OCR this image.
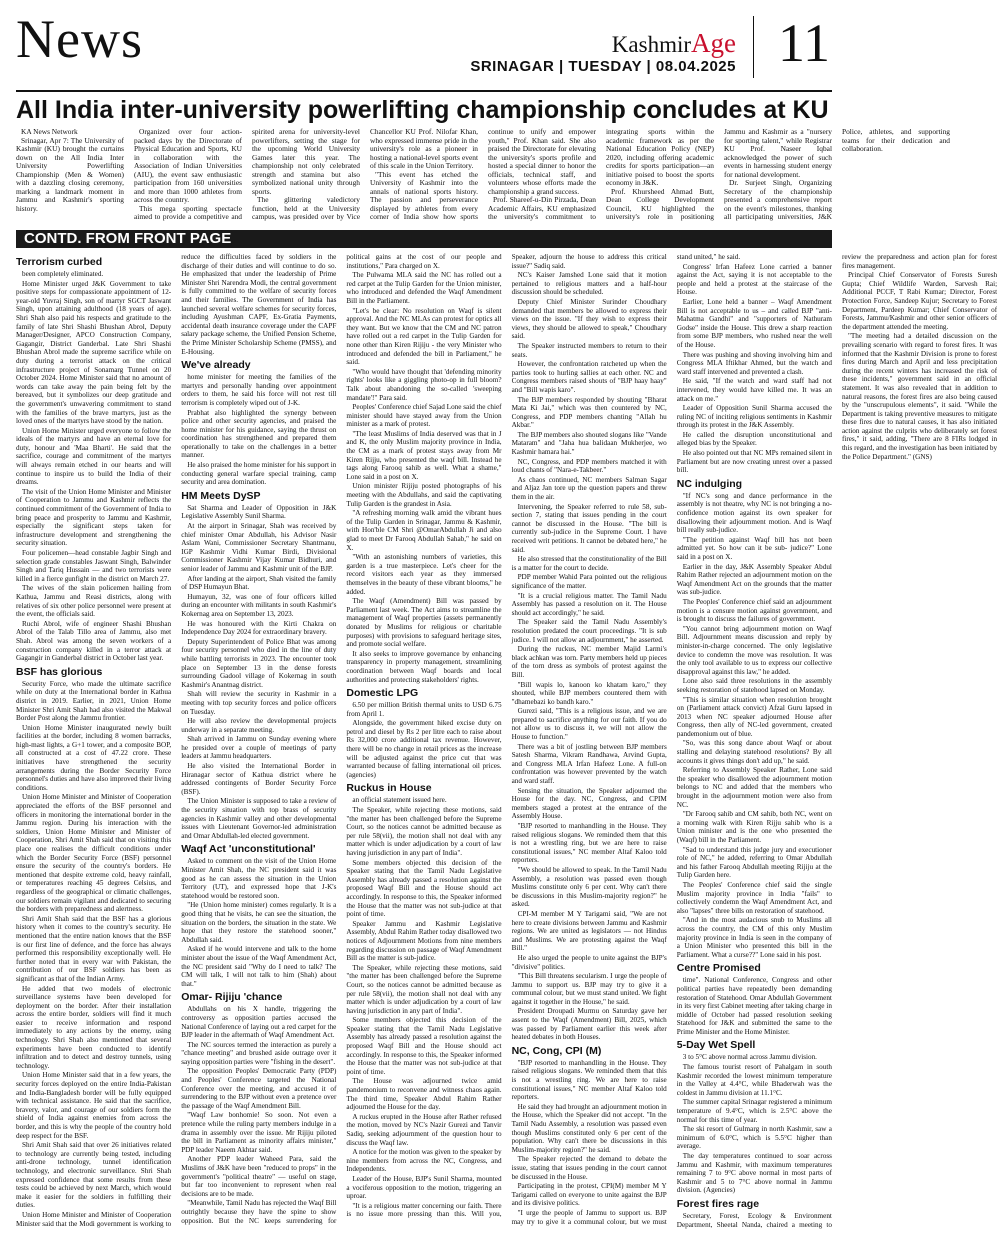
News	KashmirAge
SRINAGAR | TUESDAY | 08.04.2025 11
All India inter-university powerlifting championship concludes at KU

KA News Network

Srinagar, Apr 7: The University of Kashmir (KU) brought the curtains down on the All India Inter University Powerlifting Championship (Men & Women) with a dazzling closing ceremony, marking a landmark moment in Jammu and Kashmir's sporting history.

Organized over four action-packed days by the Directorate of Physical Education and Sports, KU in collaboration with the Association of Indian Universities (AIU), the event saw enthusiastic participation from 160 universities and more than 1000 athletes from across the country.

This mega sporting spectacle aimed to provide a competitive and spirited arena for university-level powerlifters, setting the stage for the upcoming World University Games later this year. The championship not only celebrated strength and stamina but also symbolized national unity through sports.

The glittering valedictory function, held at the University campus, was presided over by Vice Chancellor KU Prof. Nilofar Khan, who expressed immense pride in the university's role as a pioneer in hosting a national-level sports event of this scale in the Union Territory.

"This event has etched the University of Kashmir into the annals of national sports history. The passion and perseverance displayed by athletes from every corner of India show how sports continue to unify and empower youth," Prof. Khan said. She also praised the Directorate for elevating the university's sports profile and hosted a special dinner to honor the officials, technical staff, and volunteers whose efforts made the championship a grand success.

Prof. Shareef-u-Din Pirzada, Dean Academic Affairs, KU emphasized the university's commitment to integrating sports within the academic framework as per the National Education Policy (NEP) 2020, including offering academic credits for sports participation—an initiative poised to boost the sports economy in J&K.

Prof. Khursheed Ahmad Butt, Dean College Development Council, KU highlighted the university's role in positioning Jammu and Kashmir as a "nursery for sporting talent," while Registrar KU Prof. Naseer Iqbal acknowledged the power of such events in harnessing student energy for national development.

Dr. Surjeet Singh, Organizing Secretary of the championship presented a comprehensive report on the event's milestones, thanking all participating universities, J&K Police, athletes, and supporting teams for their dedication and collaboration.

CONTD. FROM FRONT PAGE
Terrorism curbed

been completely eliminated.

Home Minister urged J&K Government to take positive steps for compassionate appointment of 12-year-old Yuvraj Singh, son of martyr SGCT Jaswant Singh, upon attaining adulthood (18 years of age). Shri Shah also paid his respects and gratitude to the family of late Shri Shashi Bhushan Abrol, Deputy Manager/Designer, APCO Construction Company, Gagangir, District Ganderbal. Late Shri Shashi Bhushan Abrol made the supreme sacrifice while on duty during a terrorist attack on the critical infrastructure project of Sonamarg Tunnel on 20 October 2024. Home Minister said that no amount of words can take away the pain being felt by the bereaved, but it symbolizes our deep gratitude and the government's unwavering commitment to stand with the families of the brave martyrs, just as the loved ones of the martyrs have stood by the nation.

Union Home Minister urged everyone to follow the ideals of the martyrs and have an eternal love for duty, honour and 'Maa Bharti'. He said that the sacrifice, courage and commitment of the martyrs will always remain etched in our hearts and will continue to inspire us to build the India of their dreams.

The visit of the Union Home Minister and Minister of Cooperation to Jammu and Kashmir reflects the continued commitment of the Government of India to bring peace and prosperity to Jammu and Kashmir, especially the significant steps taken for infrastructure development and strengthening the security situation.

Four policemen—head constable Jagbir Singh and selection grade constables Jaswant Singh, Balwinder Singh and Tariq Hussain — and two terrorists were killed in a fierce gunfight in the district on March 27.

The wives of the slain policemen hailing from Kathua, Jammu and Reasi districts, along with relatives of six other police personnel were present at the event, the officials said.

Ruchi Abrol, wife of engineer Shashi Bhushan Abrol of the Talab Tillo area of Jammu, also met Shah. Abrol was among the seven workers of a construction company killed in a terror attack at Gagangir in Ganderbal district in October last year.

BSF has glorious

Security Force, who made the ultimate sacrifice while on duty at the International border in Kathua district in 2019. Earlier, in 2021, Union Home Minister Shri Amit Shah had also visited the Makwal Border Post along the Jammu frontier.

Union Home Minister inaugurated newly built facilities at the border, including 8 women barracks, high-mast lights, a G+1 tower, and a composite BOP, all constructed at a cost of 47.22 crore. These initiatives have strengthened the security arrangements during the Border Security Force personnel's duties and have also improved their living conditions.

Union Home Minister and Minister of Cooperation appreciated the efforts of the BSF personnel and officers in monitoring the international border in the Jammu region. During his interaction with the soldiers, Union Home Minister and Minister of Cooperation, Shri Amit Shah said that on visiting this place one realises the difficult conditions under which the Border Security Force (BSF) personnel ensure the security of the country's borders. He mentioned that despite extreme cold, heavy rainfall, or temperatures reaching 45 degrees Celsius, and regardless of the geographical or climatic challenges, our soldiers remain vigilant and dedicated to securing the borders with preparedness and alertness.

Shri Amit Shah said that the BSF has a glorious history when it comes to the country's security. He mentioned that the entire nation knows that the BSF is our first line of defence, and the force has always performed this responsibility exceptionally well. He further noted that in every war with Pakistan, the contribution of our BSF soldiers has been as significant as that of the Indian Army.

He added that two models of electronic surveillance systems have been developed for deployment on the border. After their installation across the entire border, soldiers will find it much easier to receive information and respond immediately to any actions by the enemy, using technology. Shri Shah also mentioned that several experiments have been conducted to identify infiltration and to detect and destroy tunnels, using technology.

Union Home Minister said that in a few years, the security forces deployed on the entire India-Pakistan and India-Bangladesh border will be fully equipped with technical assistance. He said that the sacrifice, bravery, valor, and courage of our soldiers form the shield of India against enemies from across the border, and this is why the people of the country hold deep respect for the BSF.

Shri Amit Shah said that over 26 initiatives related to technology are currently being tested, including anti-drone technology, tunnel identification technology, and electronic surveillance. Shri Shah expressed confidence that some results from these tests could be achieved by next March, which would make it easier for the soldiers in fulfilling their duties.

Union Home Minister and Minister of Cooperation Minister said that the Modi government is working to reduce the difficulties faced by soldiers in the discharge of their duties and will continue to do so. He emphasized that under the leadership of Prime Minister Shri Narendra Modi, the central government is fully committed to the welfare of security forces and their families. The Government of India has launched several welfare schemes for security forces, including Ayushman CAPF, Ex-Gratia Payments, accidental death insurance coverage under the CAPF salary package scheme, the Unified Pension Scheme, the Prime Minister Scholarship Scheme (PMSS), and E-Housing.

We've already

home minister for meeting the families of the martyrs and personally handing over appointment orders to them, he said his force will not rest till terrorism is completely wiped out of J-K.

Prabhat also highlighted the synergy between police and other security agencies, and praised the home minister for his guidance, saying the thrust on coordination has strengthened and prepared them operationally to take on the challenges in a better manner.

He also praised the home minister for his support in conducting general warfare special training, camp security and area domination.

HM Meets DySP

Sat Sharma and Leader of Opposition in J&K Legislative Assembly Sunil Sharma.

At the airport in Srinagar, Shah was received by chief minister Omar Abdullah, his Advisor Nasir Aslam Wani, Commissioner Secretary Shantmanu, IGP Kashmir Vidhi Kumar Birdi, Divisional Commissioner Kashmir Vijay Kumar Bidhuri, and senior leader of Jammu and Kashmir unit of the BJP.

After landing at the airport, Shah visited the family of DSP Humayun Bhat.

Humayun, 32, was one of four officers killed during an encounter with militants in south Kashmir's Kokernag area on September 13, 2023.

He was honoured with the Kirti Chakra on Independence Day 2024 for extraordinary bravery.

Deputy Superintendent of Police Bhat was among four security personnel who died in the line of duty while battling terrorists in 2023. The encounter took place on September 13 in the dense forests surrounding Gadool village of Kokernag in south Kashmir's Anantnag district.

Shah will review the security in Kashmir in a meeting with top security forces and police officers on Tuesday.

He will also review the developmental projects underway in a separate meeting.

Shah arrived in Jammu on Sunday evening where he presided over a couple of meetings of party leaders at Jammu headquarters.

He also visited the International Border in Hiranagar sector of Kathua district where he addressed contingents of Border Security Force (BSF).

The Union Minister is supposed to take a review of the security situation with top brass of security agencies in Kashmir valley and other developmental issues with Lieutenant Governor-led administration and Omar Abdullah-led elected government.

Waqf Act 'unconstitutional'

Asked to comment on the visit of the Union Home Minister Amit Shah, the NC president said it was good as he can assess the situation in the Union Territory (UT), and expressed hope that J-K's statehood would be restored soon.

"He (Union home minister) comes regularly. It is a good thing that he visits, he can see the situation, the situation on the borders, the situation in the state. We hope that they restore the statehood sooner," Abdullah said.

Asked if he would intervene and talk to the home minister about the issue of the Waqf Amendment Act, the NC president said "Why do I need to talk? The CM will talk, I will not talk to him (Shah) about that."

Omar- Rijiju 'chance

Abdullahs on his X handle, triggering the controversy as opposition parties accused the National Conference of laying out a red carpet for the BJP leader in the aftermath of Waqf Amendment Act.

The NC sources termed the interaction as purely a "chance meeting" and brushed aside outrage over it saying opposition parties were "fishing in the desert".

The opposition Peoples' Democratic Party (PDP) and Peoples' Conference targeted the National Conference over the meeting, and accused it of surrendering to the BJP without even a pretence over the passage of the Waqf Amendment Bill.

"Waqf Law bonhomie! So soon. Not even a pretence while the ruling party members indulge in a drama in assembly over the issue. Mr Rijiju piloted the bill in Parliament as minority affairs minister," PDP leader Naeem Akhtar said.

Another PDP leader Waheed Para, said the Muslims of J&K have been "reduced to props" in the government's "political theatre" — useful on stage, but far too inconvenient to represent when real decisions are to be made.

"Meanwhile, Tamil Nadu has rejected the Waqf Bill outrightly because they have the spine to show opposition. But the NC keeps surrendering for political gains at the cost of our people and institutions," Para charged on X.

The Pulwama MLA said the NC has rolled out a red carpet at the Tulip Garden for the Union minister, who introduced and defended the Waqf Amendment Bill in the Parliament.

"Let's be clear: No resolution on Waqf is silent approval. And the NC MLAs can protest for optics all they want. But we know that the CM and NC patron have rolled out a red carpet in the Tulip Garden for none other than Kiren Rijiju - the very Minister who introduced and defended the bill in Parliament," he said.

"Who would have thought that 'defending minority rights' looks like a giggling photo-op in full bloom? Talk about abandoning the so-called 'sweeping mandate'!" Para said.

Peoples' Conference chief Sajad Lone said the chief minister should have stayed away from the Union minister as a mark of protest.

"The least Muslims of India deserved was that in J and K, the only Muslim majority province in India, the CM as a mark of protest stays away from Mr Kiren Rijju, who presented the waqf bill. Instead he tags along Farooq sahib as well. What a shame," Lone said in a post on X.

Union minister Rijiju posted photographs of his meeting with the Abdullahs, and said the captivating Tulip Garden is the grandest in Asia.

"A refreshing morning walk amid the vibrant hues of the Tulip Garden in Srinagar, Jammu & Kashmir, with Hon'ble CM Shri @OmarAbdullah Ji and also glad to meet Dr Farooq Abdullah Sahab," he said on X.

"With an astonishing numbers of varieties, this garden is a true masterpiece. Let's cheer for the record visitors each year as they immersed themselves in the beauty of these vibrant blooms," he added.

The Waqf (Amendment) Bill was passed by Parliament last week. The Act aims to streamline the management of Waqf properties (assets permanently donated by Muslims for religious or charitable purposes) with provisions to safeguard heritage sites, and promote social welfare.

It also seeks to improve governance by enhancing transparency in property management, streamlining coordination between Waqf boards and local authorities and protecting stakeholders' rights.

Domestic LPG

6.50 per million British thermal units to USD 6.75 from April 1.

Alongside, the government hiked excise duty on petrol and diesel by Rs 2 per litre each to raise about Rs 32,000 crore additional tax revenue. However, there will be no change in retail prices as the increase will be adjusted against the price cut that was warranted because of falling international oil prices. (agencies)

Ruckus in House

an official statement issued here.

The Speaker, while rejecting these motions, said "the matter has been challenged before the Supreme Court, so the notices cannot be admitted because as per rule 58(vii), the motion shall not deal with any matter which is under adjudication by a court of law having jurisdiction in any part of India".

Some members objected this decision of the Speaker stating that the Tamil Nadu Legislative Assembly has already passed a resolution against the proposed Waqf Bill and the House should act accordingly. In response to this, the Speaker informed the House that the matter was not sub-judice at that point of time.

Speaker Jammu and Kashmir Legislative Assembly, Abdul Rahim Rather today disallowed two notices of Adjournment Motions from nine members regarding discussion on passage of Waqf Amendment Bill as the matter is sub-judice.

The Speaker, while rejecting these motions, said "the matter has been challenged before the Supreme Court, so the notices cannot be admitted because as per rule 58(vii), the motion shall not deal with any matter which is under adjudication by a court of law having jurisdiction in any part of India".

Some members objected this decision of the Speaker stating that the Tamil Nadu Legislative Assembly has already passed a resolution against the proposed Waqf Bill and the House should act accordingly. In response to this, the Speaker informed the House that the matter was not sub-judice at that point of time.

The House was adjourned twice amid pandemonium to reconvene and witness chaos again. The third time, Speaker Abdul Rahim Rather adjourned the House for the day.

A ruckus erupted in the House after Rather refused the motion, moved by NC's Nazir Gurezi and Tanvir Sadiq, seeking adjournment of the question hour to discuss the Waqf law.

A notice for the motion was given to the speaker by nine members from across the NC, Congress, and Independents.

Leader of the House, BJP's Sunil Sharma, mounted a vociferous opposition to the motion, triggering an uproar.

"It is a religious matter concerning our faith. There is no issue more pressing than this. Will you, Speaker, adjourn the house to address this critical issue?" Sadiq said.

NC's Kaiser Jamshed Lone said that it motion pertained to religious matters and a half-hour discussion should be scheduled.

Deputy Chief Minister Surinder Choudhary demanded that members be allowed to express their views on the issue. "If they wish to express their views, they should be allowed to speak," Choudhary said.

The Speaker instructed members to return to their seats.

However, the confrontation ratcheted up when the parties took to hurling sallies at each other. NC and Congress members raised shouts of "BJP haay haay" and "Bill wapis karo".

The BJP members responded by shouting "Bharat Mata Ki Jai," which was then countered by NC, Congress, and PDP members chanting "Allah hu Akbar."

The BJP members also shouted slogans like "Vande Mataram" and "Jaha hua balidaan Mukherjee, wo Kashmir hamara hai."

NC, Congress, and PDP members matched it with loud chants of "Nara-e-Takbeer."

As chaos continued, NC members Salman Sagar and Aljaz Jan tore up the question papers and threw them in the air.

Intervening, the Speaker referred to rule 58, sub-section 7, stating that issues pending in the court cannot be discussed in the House. "The bill is currently sub-judice in the Supreme Court. I have received writ petitions. It cannot be debated here," he said.

He also stressed that the constitutionality of the Bill is a matter for the court to decide.

PDP member Wahid Para pointed out the religious significance of the matter.

"It is a crucial religious matter. The Tamil Nadu Assembly has passed a resolution on it. The House should act accordingly," he said.

The Speaker said the Tamil Nadu Assembly's resolution predated the court proceedings. "It is sub judice. I will not allow an adjournment," he asserted.

During the ruckus, NC member Majid Larmi's black achkan was torn. Party members held up pieces of the torn dress as symbols of protest against the Bill.

"Bill wapis lo, kanoon ko khatam karo," they shouted, while BJP members countered them with "dhamebazi ko bandh karo."

Gurezi said, "This is a religious issue, and we are prepared to sacrifice anything for our faith. If you do not allow us to discuss it, we will not allow the House to function."

There was a bit of jostling between BJP members Satesh Sharma, Vikram Randhawa, Arvind Gupta, and Congress MLA Irfan Hafeez Lone. A full-on confrontation was however prevented by the watch and ward staff.

Sensing the situation, the Speaker adjourned the House for the day. NC, Congress, and CPIM members staged a protest at the entrance of the Assembly House.

"BJP resorted to manhandling in the House. They raised religious slogans. We reminded them that this is not a wrestling ring, but we are here to raise constitutional issues," NC member Altaf Kaloo told reporters.

"We should be allowed to speak. In the Tamil Nadu Assembly, a resolution was passed even though Muslims constitute only 6 per cent. Why can't there be discussions in this Muslim-majority region?" he asked.

CPI-M member M Y Tarigami said, "We are not here to create divisions between Jammu and Kashmir regions. We are united as legislators — not Hindus and Muslims. We are protesting against the Waqf Bill."

He also urged the people to unite against the BJP's "divisive" politics.

"This Bill threatens secularism. I urge the people of Jammu to support us. BJP may try to give it a communal colour, but we must stand united. We fight against it together in the House," he said.

President Droupadi Murmu on Saturday gave her assent to the Waqf (Amendment) Bill, 2025, which was passed by Parliament earlier this week after heated debates in both Houses.

NC, Cong, CPI (M)

"BJP resorted to manhandling in the House. They raised religious slogans. We reminded them that this is not a wrestling ring. We are here to raise constitutional issues," NC member Altaf Kaloo told reporters.

He said they had brought an adjournment motion in the House, which the Speaker did not accept. "In the Tamil Nadu Assembly, a resolution was passed even though Muslims constituted only 6 per cent of the population. Why can't there be discussions in this Muslim-majority region?" he said.

The Speaker rejected the demand to debate the issue, stating that issues pending in the court cannot be discussed in the House.

Participating in the protest, CPI(M) member M Y Tarigami called on everyone to unite against the BJP and its divisive politics.

"I urge the people of Jammu to support us. BJP may try to give it a communal colour, but we must stand united," he said.

Congress' Irfan Hafeez Lone carried a banner against the Act, saying it is not acceptable to the people and held a protest at the staircase of the House.

Earlier, Lone held a banner – Waqf Amendment Bill is not acceptable to us – and called BJP "anti-Mahatma Gandhi" and "supporters of Nathuram Godse" inside the House. This drew a sharp reaction from some BJP members, who rushed near the well of the House.

There was pushing and shoving involving him and Congress MLA Iftikhar Ahmed, but the watch and ward staff intervened and prevented a clash.

He said, "If the watch and ward staff had not intervened, they would have killed me. It was an attack on me."

Leader of Opposition Sunil Sharma accused the ruling NC of inciting religious sentiments in Kashmir through its protest in the J&K Assembly.

He called the disruption unconstitutional and alleged bias by the Speaker.

He also pointed out that NC MPs remained silent in Parliament but are now creating unrest over a passed bill.

NC indulging

"If NC's song and dance performance in the assembly is not theatre, why NC is not bringing a no-confidence motion against its own speaker for disallowing their adjournment motion. And is Waqf bill really sub-judice.

"The petition against Waqf bill has not been admitted yet. So how can it be sub- judice?" Lone said in a post on X.

Earlier in the day, J&K Assembly Speaker Abdul Rahim Rather rejected an adjournment motion on the Waqf Amendment Act on the grounds that the matter was sub-judice.

The Peoples' Conference chief said an adjournment motion is a censure motion against government, and is brought to discuss the failures of government.

"You cannot bring adjournment motion on Waqf Bill. Adjournment means discussion and reply by minister-in-charge concerned. The only legislative device to condemn the move was resolution. It was the only tool available to us to express our collective disapproval against this law," he added.

Lone also said three resolutions in the assembly seeking restoration of statehood lapsed on Monday.

"This is similar situation when resolution brought on (Parliament attack convict) Afzal Guru lapsed in 2013 when NC speaker adjourned House after Congress, then ally of NC-led government, created pandemonium out of blue.

"So, was this song dance about Waqf or about stalling and delaying statehood resolutions? By all accounts it gives things don't add up," he said.

Referring to Assembly Speaker Rather, Lone said the speaker who disallowed the adjournment motion belongs to NC and added that the members who brought in the adjournment motion were also from NC.

"Dr Farooq sahib and CM sahib, both NC, went on a morning walk with Kiren Rijju sahib who is a Union minister and is the one who presented the (Waqf) bill in the Parliament.

"Sad to understand this judge jury and executioner role of NC," he added, referring to Omar Abdullah and his father Farooq Abdullah meeting Rijiju at the Tulip Garden here.

The Peoples' Conference chief said the single Muslim majority province in India "fails" to collectively condemn the Waqf Amendment Act, and also "lapses" three bills on restoration of statehood.

"And in the most audacious snub to Muslims all across the country, the CM of this only Muslim majority province in India is seen in the company of a Union Minister who presented this bill in the Parliament. What a curse??" Lone said in his post.

Centre Promised

time". National Conference, Congress and other political parties have repeatedly been demanding restoration of Statehood. Omar Abdullah Government in its very first Cabinet meeting after taking charge in middle of October had passed resolution seeking Statehood for J&K and submitted the same to the Prime Minister and the Home Minister.

5-Day Wet Spell

3 to 5°C above normal across Jammu division.

The famous tourist resort of Pahalgam in south Kashmir recorded the lowest minimum temperature in the Valley at 4.4°C, while Bhaderwah was the coldest in Jammu division at 11.1°C.

The summer capital Srinagar registered a minimum temperature of 9.4°C, which is 2.5°C above the normal for this time of year.

The ski resort of Gulmarg in north Kashmir, saw a minimum of 6.0°C, which is 5.5°C higher than average.

The day temperatures continued to soar across Jammu and Kashmir, with maximum temperatures remaining 7 to 9°C above normal in most parts of Kashmir and 5 to 7°C above normal in Jammu division. (Agencies)

Forest fires rage

Secretary, Forest, Ecology & Environment Department, Sheetal Nanda, chaired a meeting to review the preparedness and action plan for forest fires management.

Principal Chief Conservator of Forests Suresh Gupta; Chief Wildlife Warden, Sarvesh Rai; Additional PCCF, T Rabi Kumar; Director, Forest Protection Force, Sandeep Kujur; Secretary to Forest Department, Pardeep Kumar; Chief Conservator of Forests, Jammu/Kashmir and other senior officers of the department attended the meeting.

"The meeting had a detailed discussion on the prevailing scenario with regard to forest fires. It was informed that the Kashmir Division is prone to forest fires during March and April and less precipitation during the recent winters has increased the risk of these incidents," government said in an official statement. It was also revealed that in addition to natural reasons, the forest fires are also being caused by the "unscrupulous elements", it said. "While the Department is taking preventive measures to mitigate these fires due to natural causes, it has also initiated action against the culprits who deliberately set forest fires," it said, adding, "There are 8 FIRs lodged in this regard, and the investigation has been initiated by the Police Department." (GNS)
